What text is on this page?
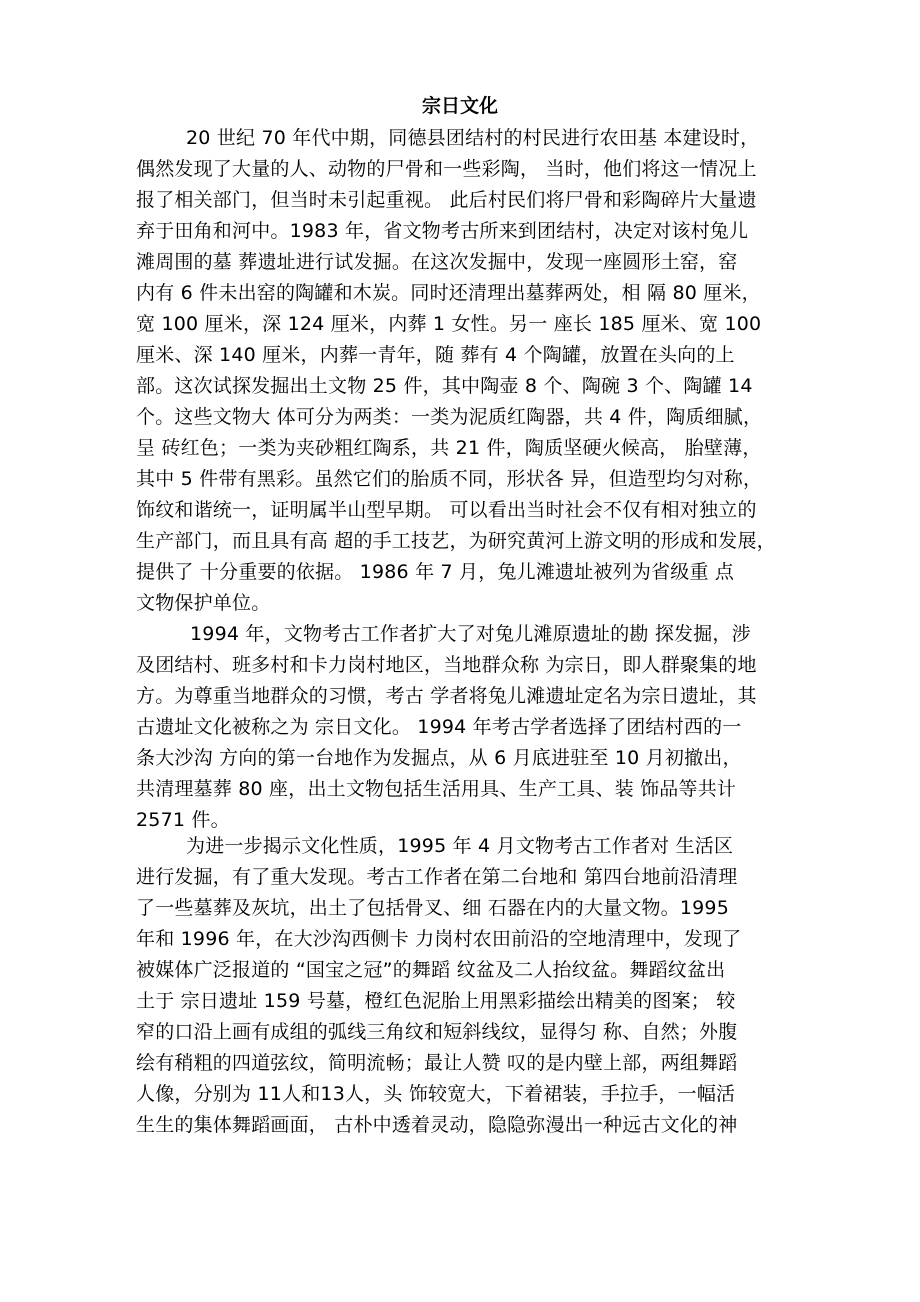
宗日文化
20 世纪 70 年代中期，同德县团结村的村民进行农田基 本建设时，
偶然发现了大量的人、动物的尸骨和一些彩陶， 当时，他们将这一情况上
报了相关部门，但当时未引起重视。 此后村民们将尸骨和彩陶碎片大量遗
弃于田角和河中。1983 年，省文物考古所来到团结村，决定对该村兔儿
滩周围的墓 葬遗址进行试发掘。在这次发掘中，发现一座圆形土窑，窑
内有 6 件未出窑的陶罐和木炭。同时还清理出墓葬两处，相 隔 80 厘米，
宽 100 厘米，深 124 厘米，内葬 1 女性。另一 座长 185 厘米、宽 100
厘米、深 140 厘米，内葬一青年，随 葬有 4 个陶罐，放置在头向的上
部。这次试探发掘出土文物 25 件，其中陶壶 8 个、陶碗 3 个、陶罐 14
个。这些文物大 体可分为两类：一类为泥质红陶器，共 4 件，陶质细腻，
呈 砖红色；一类为夹砂粗红陶系，共 21 件，陶质坚硬火候高， 胎壁薄，
其中 5 件带有黑彩。虽然它们的胎质不同，形状各 异，但造型均匀对称，
饰纹和谐统一，证明属半山型早期。 可以看出当时社会不仅有相对独立的
生产部门，而且具有高 超的手工技艺，为研究黄河上游文明的形成和发展，
提供了 十分重要的依据。 1986 年 7 月，兔儿滩遗址被列为省级重 点
文物保护单位。
1994 年，文物考古工作者扩大了对兔儿滩原遗址的勘 探发掘，涉
及团结村、班多村和卡力岗村地区，当地群众称 为宗日，即人群聚集的地
方。为尊重当地群众的习惯，考古 学者将兔儿滩遗址定名为宗日遗址，其
古遗址文化被称之为 宗日文化。 1994 年考古学者选择了团结村西的一
条大沙沟 方向的第一台地作为发掘点，从 6 月底进驻至 10 月初撤出，
共清理墓葬 80 座，出土文物包括生活用具、生产工具、装 饰品等共计
2571 件。
为进一步揭示文化性质，1995 年 4 月文物考古工作者对 生活区
进行发掘，有了重大发现。考古工作者在第二台地和 第四台地前沿清理
了一些墓葬及灰坑，出土了包括骨叉、细 石器在内的大量文物。1995
年和 1996 年，在大沙沟西侧卡 力岗村农田前沿的空地清理中，发现了
被媒体广泛报道的 “国宝之冠”的舞蹈 纹盆及二人抬纹盆。舞蹈纹盆出
土于 宗日遗址 159 号墓，橙红色泥胎上用黑彩描绘出精美的图案； 较
窄的口沿上画有成组的弧线三角纹和短斜线纹，显得匀 称、自然；外腹
绘有稍粗的四道弦纹，简明流畅；最让人赞 叹的是内壁上部，两组舞蹈
人像，分别为 11人和13人，头 饰较宽大，下着裙装，手拉手，一幅活
生生的集体舞蹈画面， 古朴中透着灵动，隐隐弥漫出一种远古文化的神
